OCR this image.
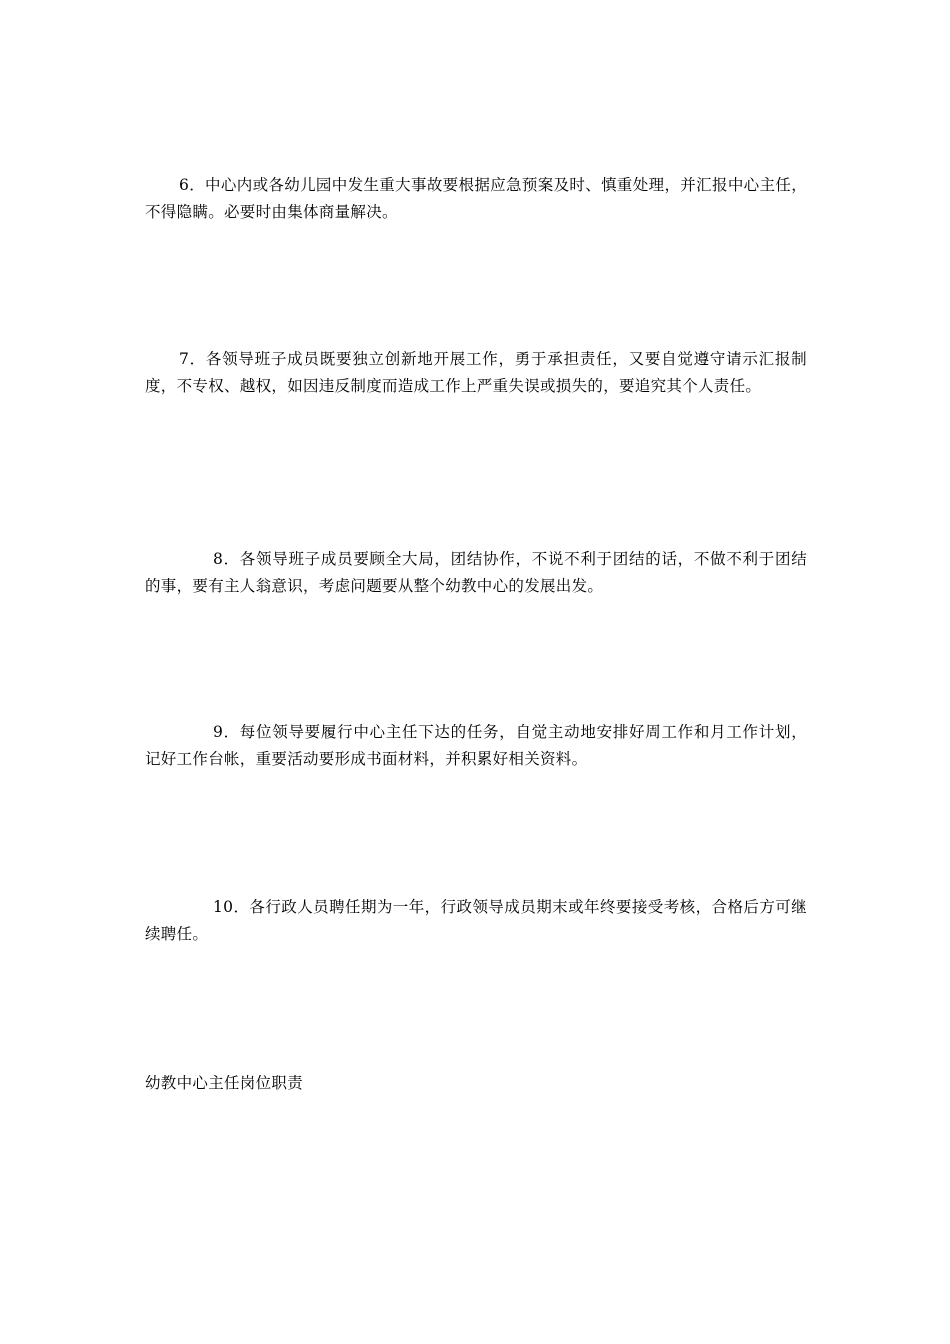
6．中心内或各幼儿园中发生重大事故要根据应急预案及时、慎重处理，并汇报中心主任，不得隐瞒。必要时由集体商量解决。

7．各领导班子成员既要独立创新地开展工作，勇于承担责任，又要自觉遵守请示汇报制度，不专权、越权，如因违反制度而造成工作上严重失误或损失的，要追究其个人责任。

8．各领导班子成员要顾全大局，团结协作，不说不利于团结的话，不做不利于团结的事，要有主人翁意识，考虑问题要从整个幼教中心的发展出发。

9．每位领导要履行中心主任下达的任务，自觉主动地安排好周工作和月工作计划，记好工作台帐，重要活动要形成书面材料，并积累好相关资料。

10．各行政人员聘任期为一年，行政领导成员期末或年终要接受考核，合格后方可继续聘任。

幼教中心主任岗位职责
